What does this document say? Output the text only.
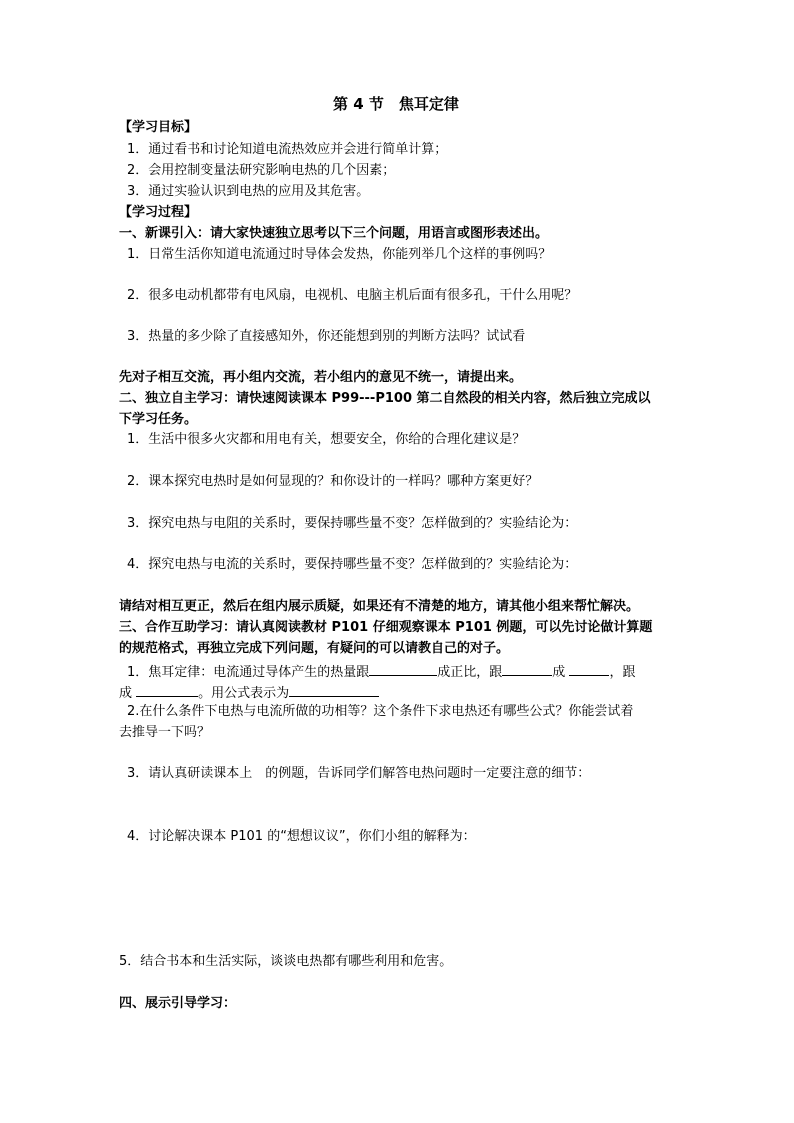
第 4 节　焦耳定律
【学习目标】
1．通过看书和讨论知道电流热效应并会进行简单计算；
2．会用控制变量法研究影响电热的几个因素；
3．通过实验认识到电热的应用及其危害。
【学习过程】
一、新课引入：请大家快速独立思考以下三个问题，用语言或图形表述出。
1．日常生活你知道电流通过时导体会发热，你能列举几个这样的事例吗？
2．很多电动机都带有电风扇，电视机、电脑主机后面有很多孔，干什么用呢？
3．热量的多少除了直接感知外，你还能想到别的判断方法吗？试试看
先对子相互交流，再小组内交流，若小组内的意见不统一，请提出来。
二、独立自主学习：请快速阅读课本 P99---P100 第二自然段的相关内容，然后独立完成以
下学习任务。
1．生活中很多火灾都和用电有关，想要安全，你给的合理化建议是？
2．课本探究电热时是如何显现的？和你设计的一样吗？哪种方案更好？
3．探究电热与电阻的关系时，要保持哪些量不变？怎样做到的？实验结论为：
4．探究电热与电流的关系时，要保持哪些量不变？怎样做到的？实验结论为：
请结对相互更正，然后在组内展示质疑，如果还有不清楚的地方，请其他小组来帮忙解决。
三、合作互助学习：请认真阅读教材 P101 仔细观察课本 P101 例题，可以先讨论做计算题
的规范格式，再独立完成下列问题，有疑问的可以请教自己的对子。
1．焦耳定律：电流通过导体产生的热量跟	成正比，跟	成	，跟
成	。用公式表示为
2.在什么条件下电热与电流所做的功相等？这个条件下求电热还有哪些公式？你能尝试着
去推导一下吗？
3．请认真研读课本上　的例题，告诉同学们解答电热问题时一定要注意的细节：
4．讨论解决课本 P101 的“想想议议”，你们小组的解释为：
5．结合书本和生活实际，谈谈电热都有哪些利用和危害。
四、展示引导学习：
